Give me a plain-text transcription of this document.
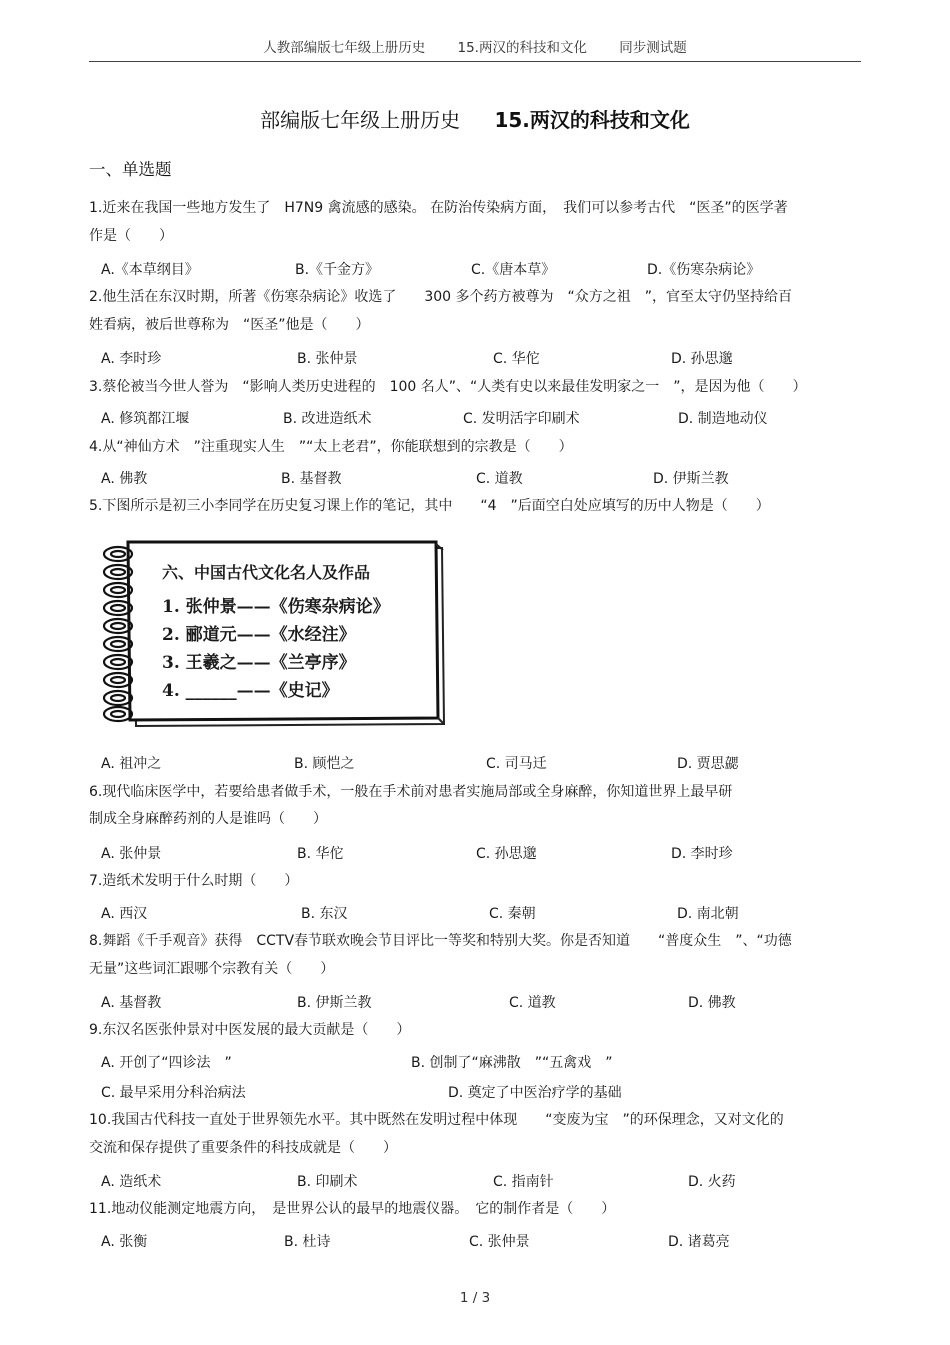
人教部编版七年级上册历史 15.两汉的科技和文化 同步测试题
部编版七年级上册历史 15.两汉的科技和文化
一、单选题
1.近来在我国一些地方发生了　H7N9 禽流感的感染。 在防治传染病方面，　我们可以参考古代　“医圣”的医学著
作是（　　）
A.《本草纲目》	B.《千金方》	C.《唐本草》	D.《伤寒杂病论》
2.他生活在东汉时期，所著《伤寒杂病论》收选了　　300 多个药方被尊为　“众方之祖　”，官至太守仍坚持给百
姓看病，被后世尊称为　“医圣”他是（　　）
A. 李时珍	B. 张仲景	C. 华佗	D. 孙思邈
3.蔡伦被当今世人誉为　“影响人类历史进程的　100 名人”、“人类有史以来最佳发明家之一　”，是因为他（　　）
A. 修筑都江堰	B. 改进造纸术	C. 发明活字印刷术	D. 制造地动仪
4.从“神仙方术　”注重现实人生　”“太上老君”，你能联想到的宗教是（　　）
A. 佛教	B. 基督教	C. 道教	D. 伊斯兰教
5.下图所示是初三小李同学在历史复习课上作的笔记，其中　　“4　”后面空白处应填写的历中人物是（　　）
六、中国古代文化名人及作品
1. 张仲景——《伤寒杂病论》
2. 郦道元——《水经注》
3. 王羲之——《兰亭序》
4. ______——《史记》
A. 祖冲之	B. 顾恺之	C. 司马迁	D. 贾思勰
6.现代临床医学中，若要给患者做手术，一般在手术前对患者实施局部或全身麻醉，你知道世界上最早研
制成全身麻醉药剂的人是谁吗（　　）
A. 张仲景	B. 华佗	C. 孙思邈	D. 李时珍
7.造纸术发明于什么时期（　　）
A. 西汉	B. 东汉	C. 秦朝	D. 南北朝
8.舞蹈《千手观音》获得　CCTV春节联欢晚会节目评比一等奖和特别大奖。你是否知道　　“普度众生　”、“功德
无量”这些词汇跟哪个宗教有关（　　）
A. 基督教	B. 伊斯兰教	C. 道教	D. 佛教
9.东汉名医张仲景对中医发展的最大贡献是（　　）
A. 开创了“四诊法　”	B. 创制了“麻沸散　”“五禽戏　”
C. 最早采用分科治病法	D. 奠定了中医治疗学的基础
10.我国古代科技一直处于世界领先水平。其中既然在发明过程中体现　　“变废为宝　”的环保理念，又对文化的
交流和保存提供了重要条件的科技成就是（　　）
A. 造纸术	B. 印刷术	C. 指南针	D. 火药
11.地动仪能测定地震方向，　是世界公认的最早的地震仪器。　它的制作者是（　　）
A. 张衡	B. 杜诗	C. 张仲景	D. 诸葛亮
1 / 3
